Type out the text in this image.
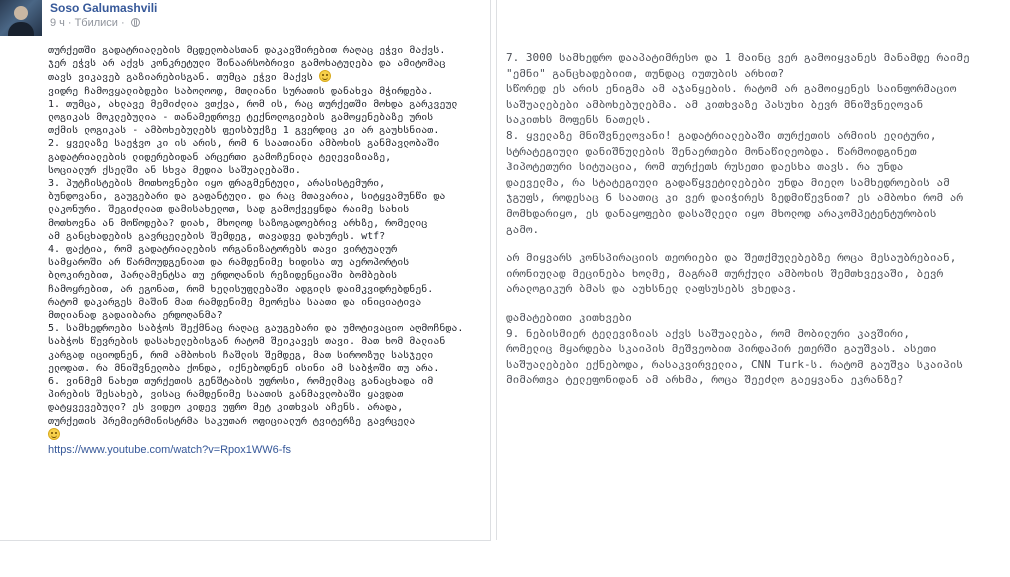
Soso Galumashvili
9 ч · Тбилиси ·

თურქეთში გადატრიალების მცდელობასთან დაკავშირებით რაღაც ეჭვი მაქვს.

ჯერ ეჭვს არ აქვს კონკრეტული შინაარსობრივი გამოხატულება და ამიტომაც

თავს ვიკავებ გაზიარებისგან. თუმცა ეჭვი მაქვს

ვიდრე ჩამოვყალიბდები საბოლოოდ, მთლიანი სურათის დანახვა მჭირდება.

1. თუმცა, ახლავე მემიძლია ვთქვა, რომ ის, რაც თურქეთში მოხდა გარკვეულ

ლოგიკას მოკლებულია - თანამედროვე ტექნოლოგიების გამოყენებაზე ურის

თქმის ლოგიკას - ამბოხებულებს ფეისბუქზე 1 გვერდიც კი არ გაუხსნიათ.

2. ყველაზე საეჭვო კი ის არის, რომ 6 საათიანი ამბოხის განმავლობაში

გადატრიალების ლიდერებიდან არცერთი გამოჩენილა ტელევიზიაზე,

სოციალურ ქსელში ან სხვა მედია საშუალებაში.

3. პუტჩისტების მოთხოვნები იყო ფრაგმენტული, არასისტემური,

ბუნდოვანი, გაუგებარი და გაფანტული. და რაც მთავარია, სიტყვამუნწი და

ლაკონური. შეგიძლიათ დამისახელოთ, სად გამოქვეყნდა რაიმე სახის

მოთხოვნა ან მოწოდება? დიახ, მხოლოდ საზოგადოებრივ არხზე, რომელიც

ამ განცხადების გავრცელების შემდეგ, თავადვე დახურეს. wtf?

4. ფაქტია, რომ გადატრიალების ორგანიზატორებს თავი ვირტუალურ

სამყაროში არ წარმოუდგენიათ და რამდენიმე ხიდისა თუ აეროპორტის

ბლოკირებით, პარლამენტსა თუ ერდოღანის რეზიდენციაში ბომბების

ჩამოყრებით, არ ეგონათ, რომ ხელისუფლებაში ადგილს დაიმკვიდრებდნენ.

რატომ დაკარგეს მაშინ მათ რამდენიმე მეორესა საათი და ინიციატივა

მთლიანად გადაიბარა ერდოღანმა?

5. სამხედროები საბჭოს შექმნაც რაღაც გაუგებარი და უმოტივაციო აღმოჩნდა.

საბჭოს წევრების დასახელებისგან რატომ შეიკავეს თავი. მათ ხომ მალიან

კარგად იციოდნენ, რომ ამბოხის ჩაშლის შემდეგ, მათ სიროოზულ სასჯელი

ელოდათ. რა მნიშვნელობა ქონდა, იქნებოდნენ ისინი ამ საბჭოში თუ არა.

6. ვინმემ ნახეთ თურქეთის გენშტაბის უფროსი, რომელმაც განაცხადა იმ

პირების შესახებ, ვისაც რამდენიმე საათის განმავლობაში ყავდათ

დატყვევებული? ეს ვიდეო კიდევ უფრო მეტ კითხვას აჩენს. არადა,

თურქეთის პრემიერმინისტრმა საკუთარ ოფიციალურ ტვიტერზე გავრცელა

https://www.youtube.com/watch?v=Rpox1WW6-fs

7. 3000 სამხედრო დააპატიმრესო და 1 მაინც ვერ გამოიყვანეს მანამდე რაიმე

"ემნი" განცხადებიით, თუნდაც იუთუბის არხით?

სწორედ ეს არის ენიგმა ამ აჯანყების. რატომ არ გამოიყენეს საინფორმაციო

საშუალებები ამბოხებულებმა. ამ კითხვაზე პასუხი ბევრ მნიშვნელოვან

საკითხს მოფენს ნათელს.

8. ყველაზე მნიშვნელოვანი! გადატრიალებაში თურქეთის არმიის ელიტური,

სტრატეგიული დანიშნულების შენაერთები მონაწილეობდა. წარმოიდგინეთ

ჰიპოტეთური სიტუაცია, რომ თურქეთს რუსეთი დაესხა თავს. რა უნდა

დაეველმა, რა სტატეგიული გადაწყვეტილებები უნდა მიელო სამხედროების ამ

ჯგუფს, როდესაც 6 საათიც კი ვერ დაიჭირეს ზედმიწევნით? ეს ამბოხი რომ არ

მომხდარიყო, ეს დანაყოფები დასაშლელი იყო მხოლოდ არაკომპეტენტურობის

გამო.

არ მიყვარს კონსპირაციის თეორიები და შეთქმულებებზე როცა მესაუბრებიან,

ირონიულად მეცინება ხოლმე, მაგრამ თურქული ამბოხის შემთხვევაში, ბევრ

არალოგიკურ ბმას და აუხსნელ ლაფსუსებს ვხედავ.

დამატებითი კითხვები

9. ნებისმიერ ტელევიზიას აქვს საშუალება, რომ მობილური კავშირი,

რომელიც მყარდება სკაიპის მეშვეობით პირდაპირ ეთერში გაუშვას. ასეთი

საშუალებები ექნებოდა, რასაკვირველია, CNN Turk-ს. რატომ გაუშვა სკაიპის

მიმართვა ტელეფონიდან ამ არხმა, როცა შეეძლო გაეყვანა ეკრანზე?
